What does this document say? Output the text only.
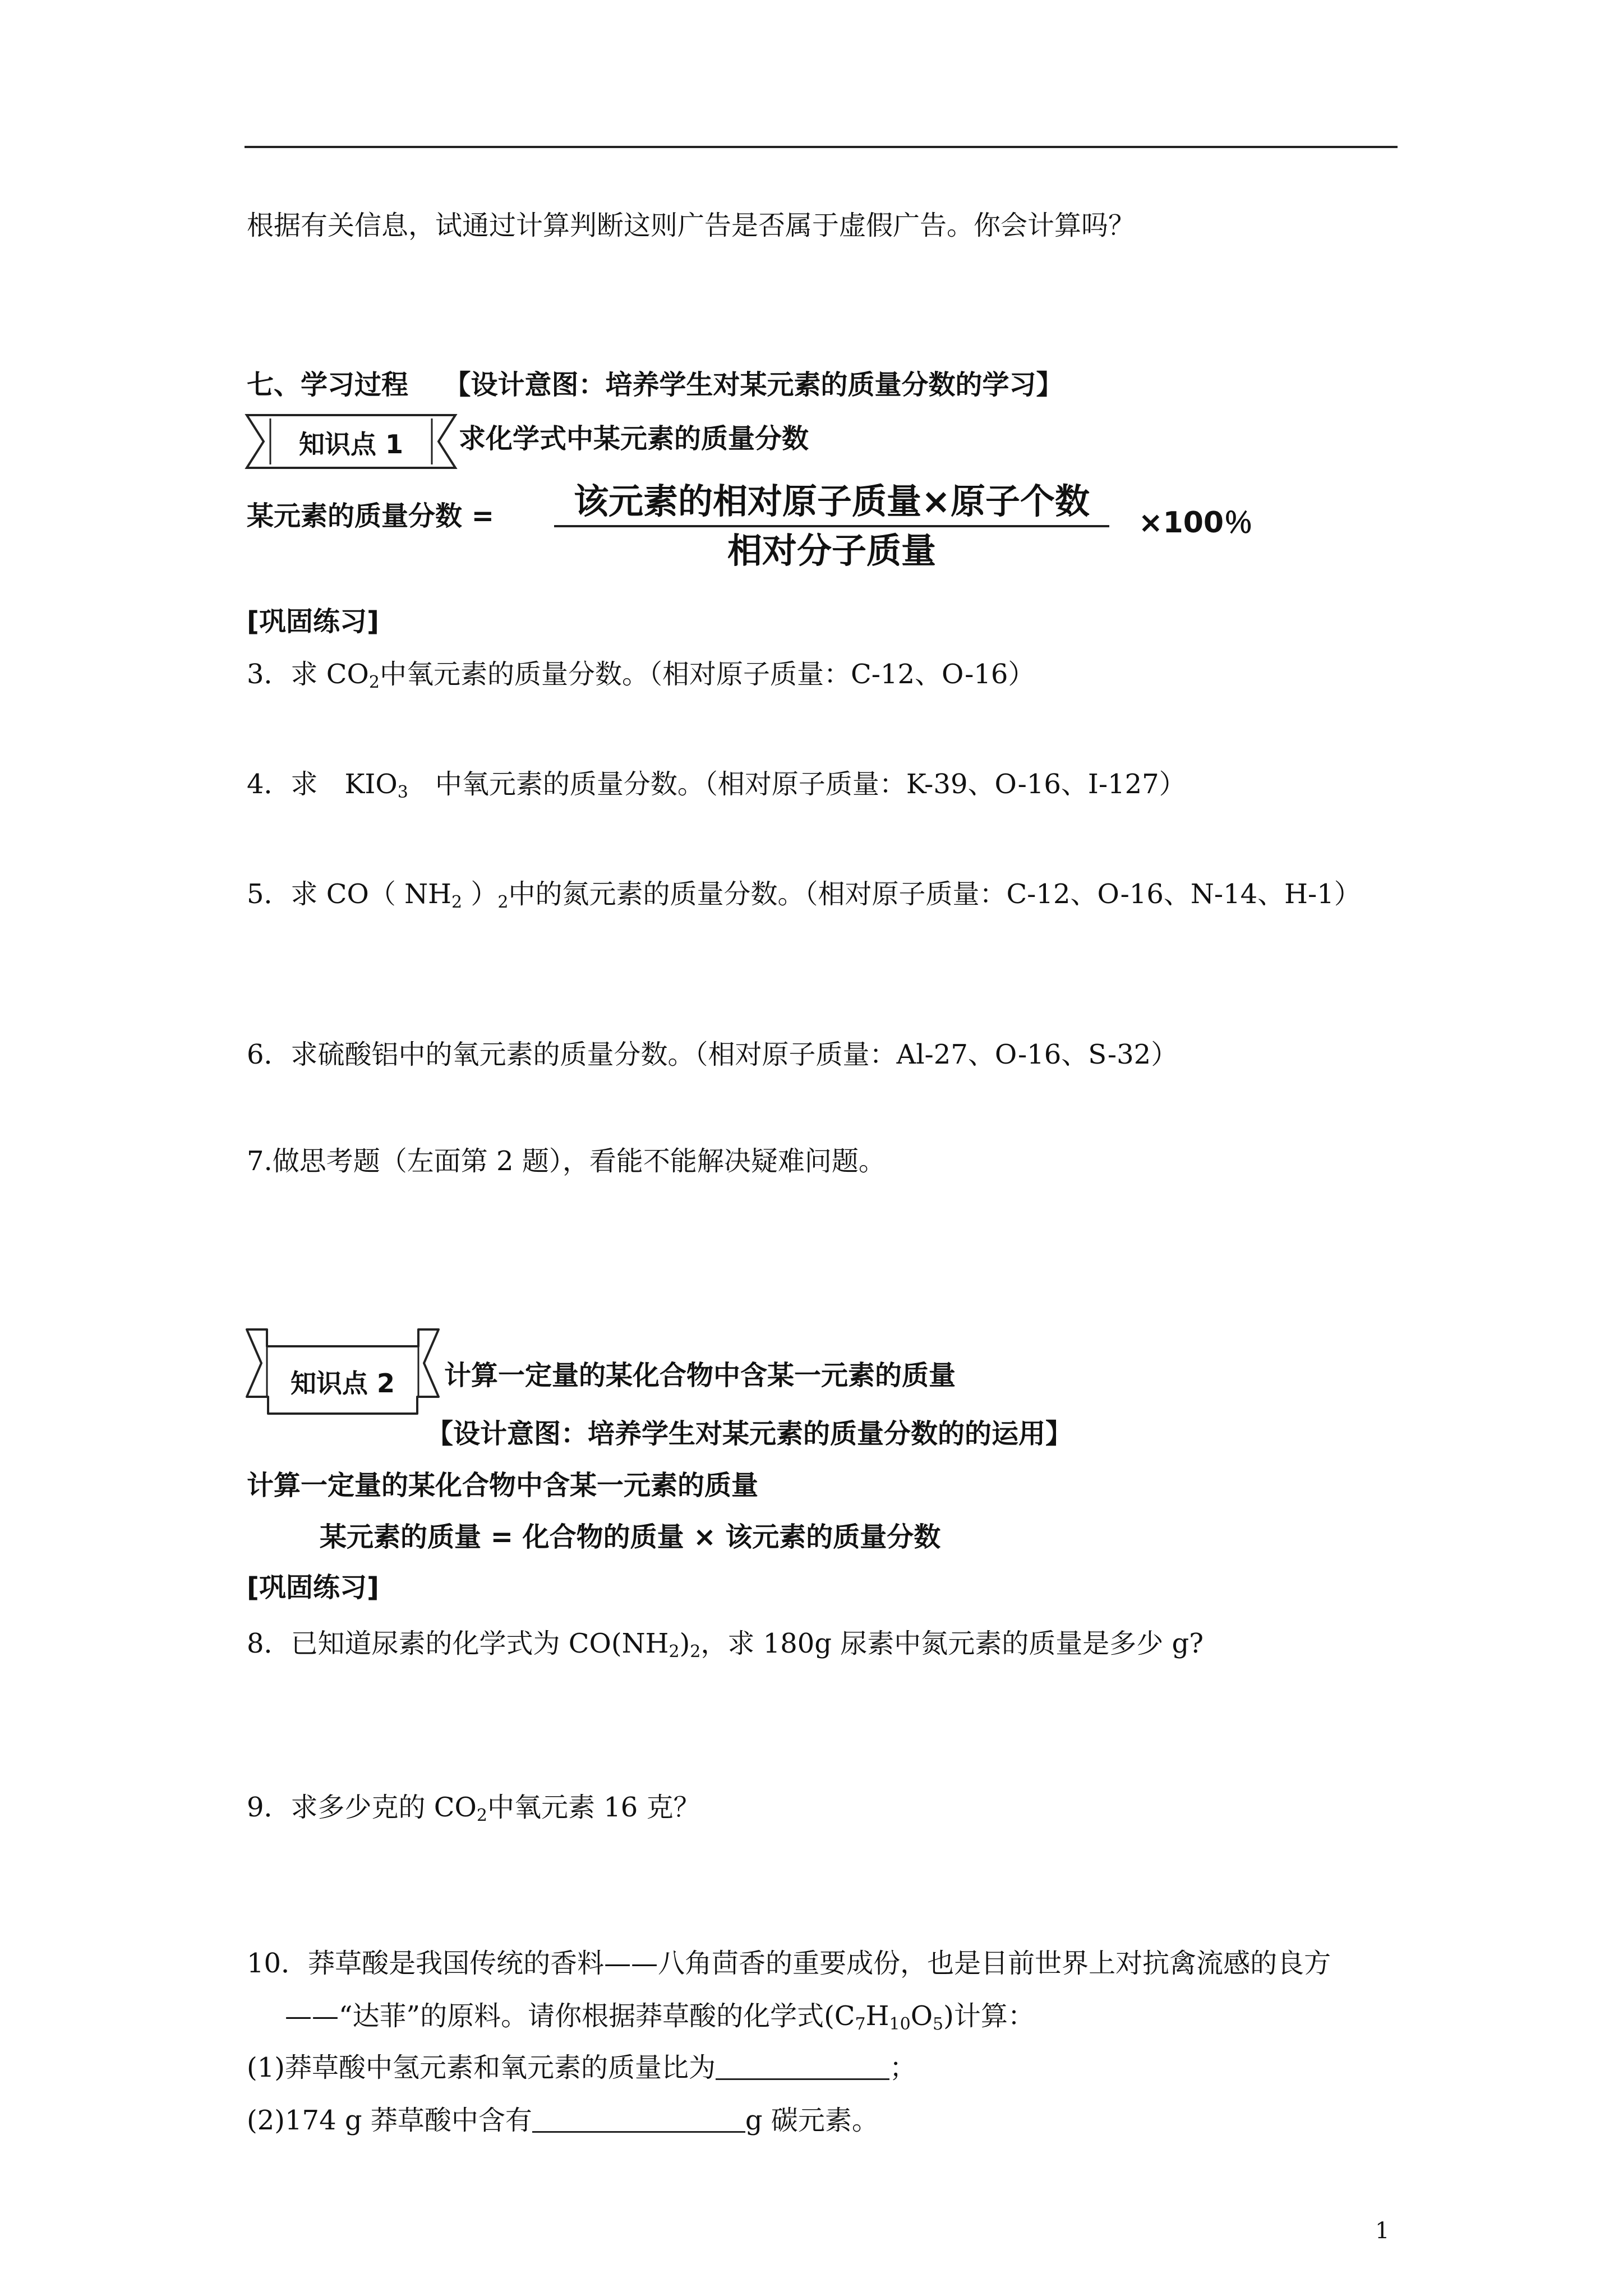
根据有关信息，试通过计算判断这则广告是否属于虚假广告。你会计算吗？
七、学习过程 【设计意图：培养学生对某元素的质量分数的学习】
知识点 1	求化学式中某元素的质量分数
某元素的质量分数 =	该元素的相对原子质量×原子个数
相对分子质量
×100％
[巩固练习]
3．求 $CO_2$中氧元素的质量分数。（相对原子质量：C-12、O-16）
4．求　$KIO_3$　中氧元素的质量分数。（相对原子质量：K-39、O-16、I-127）
5．求 CO（ $NH_2$ ）$_2$中的氮元素的质量分数。（相对原子质量：C-12、O-16、N-14、H-1）
6．求硫酸铝中的氧元素的质量分数。（相对原子质量：Al-27、O-16、S-32）
7.做思考题（左面第 2 题），看能不能解决疑难问题。
知识点 2	计算一定量的某化合物中含某一元素的质量
【设计意图：培养学生对某元素的质量分数的的运用】
计算一定量的某化合物中含某一元素的质量
某元素的质量 = 化合物的质量 × 该元素的质量分数
[巩固练习]
8．已知道尿素的化学式为 $CO(NH_2)_2$，求 180g 尿素中氮元素的质量是多少 g?
9．求多少克的 $CO_2$中氧元素 16 克？
10．莽草酸是我国传统的香料——八角茴香的重要成份，也是目前世界上对抗禽流感的良方
——“达菲”的原料。请你根据莽草酸的化学式$(C_7H_{10}O_5)$计算：
(1)莽草酸中氢元素和氧元素的质量比为	；
(2)174 g 莽草酸中含有	g 碳元素。
1
